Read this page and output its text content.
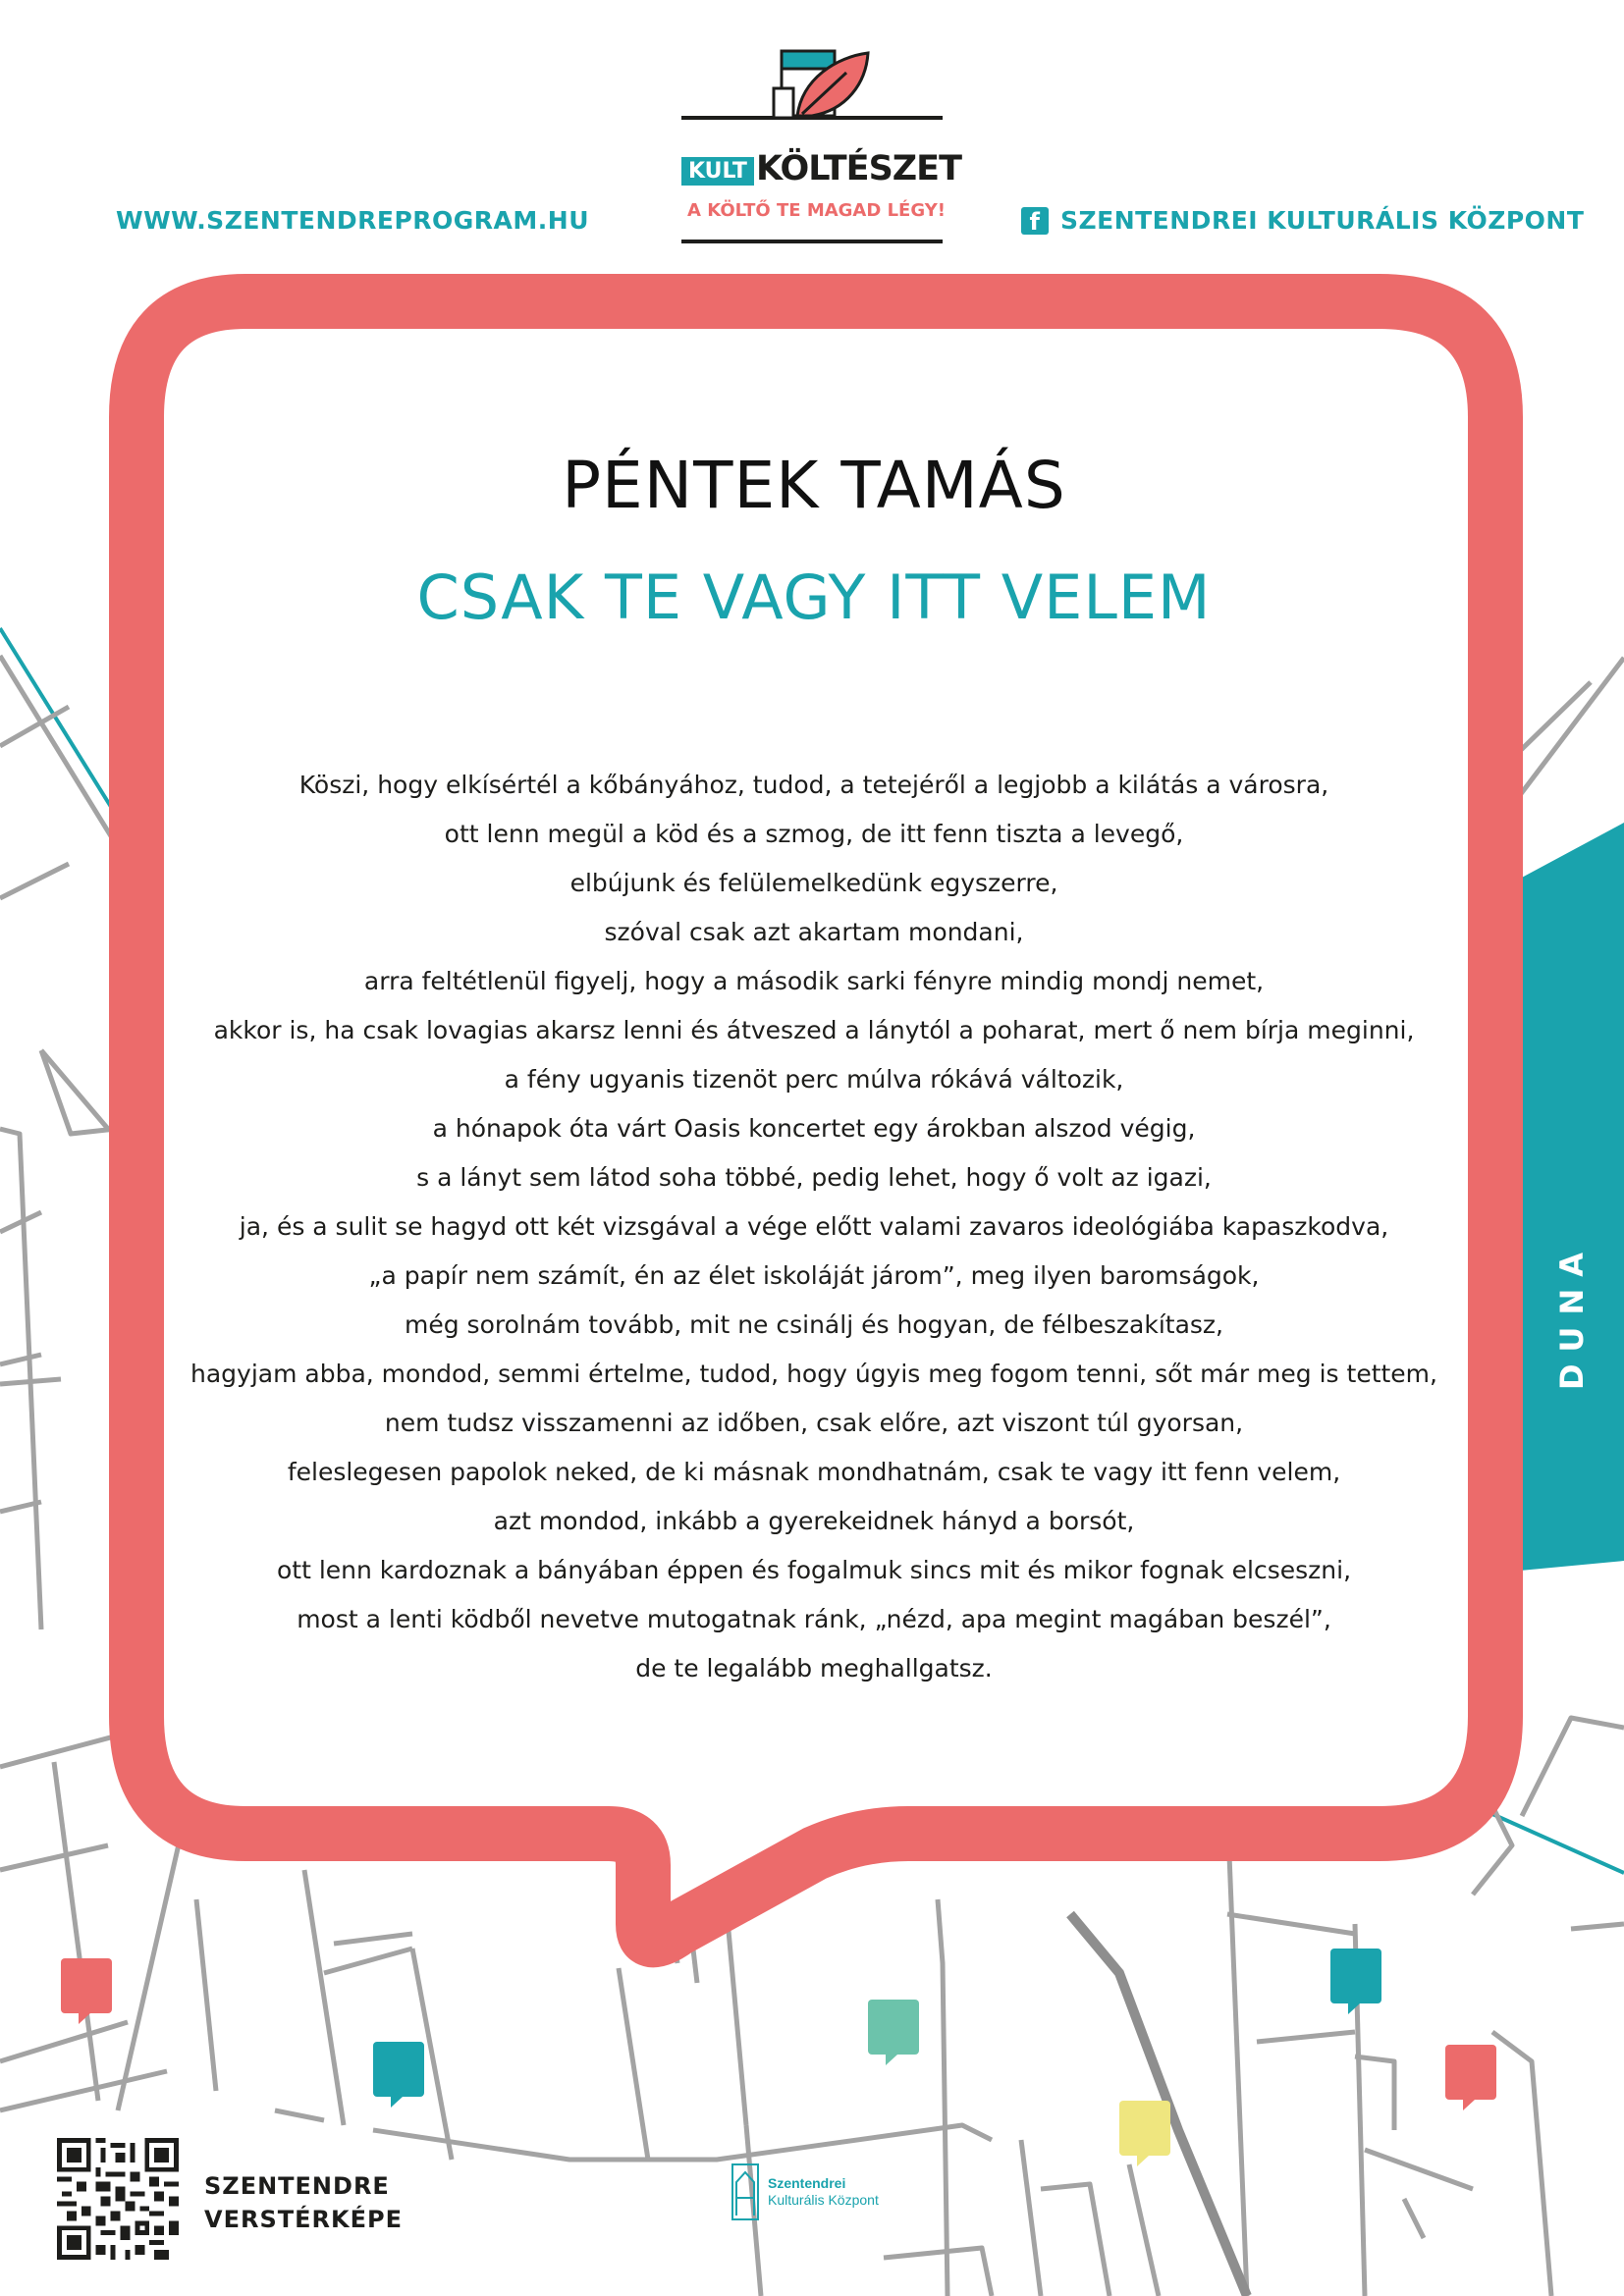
WWW.SZENTENDREPROGRAM.HU	f SZENTENDREI KULTURÁLIS KÖZPONT
KULT KÖLTÉSZET
A KÖLTŐ TE MAGAD LÉGY!
PÉNTEK TAMÁS
CSAK TE VAGY ITT VELEM
Köszi, hogy elkísértél a kőbányához, tudod, a tetejéről a legjobb a kilátás a városra,
ott lenn megül a köd és a szmog, de itt fenn tiszta a levegő,
elbújunk és felülemelkedünk egyszerre,
szóval csak azt akartam mondani,
arra feltétlenül figyelj, hogy a második sarki fényre mindig mondj nemet,
akkor is, ha csak lovagias akarsz lenni és átveszed a lánytól a poharat, mert ő nem bírja meginni,
a fény ugyanis tizenöt perc múlva rókává változik,
a hónapok óta várt Oasis koncertet egy árokban alszod végig,
s a lányt sem látod soha többé, pedig lehet, hogy ő volt az igazi,
ja, és a sulit se hagyd ott két vizsgával a vége előtt valami zavaros ideológiába kapaszkodva,
„a papír nem számít, én az élet iskoláját járom”, meg ilyen baromságok,
még sorolnám tovább, mit ne csinálj és hogyan, de félbeszakítasz,
hagyjam abba, mondod, semmi értelme, tudod, hogy úgyis meg fogom tenni, sőt már meg is tettem,
nem tudsz visszamenni az időben, csak előre, azt viszont túl gyorsan,
feleslegesen papolok neked, de ki másnak mondhatnám, csak te vagy itt fenn velem,
azt mondod, inkább a gyerekeidnek hányd a borsót,
ott lenn kardoznak a bányában éppen és fogalmuk sincs mit és mikor fognak elcseszni,
most a lenti ködből nevetve mutogatnak ránk, „nézd, apa megint magában beszél”,
de te legalább meghallgatsz.
DUNA
SZENTENDRE
VERSTÉRKÉPE
Szentendrei
Kulturális Központ
